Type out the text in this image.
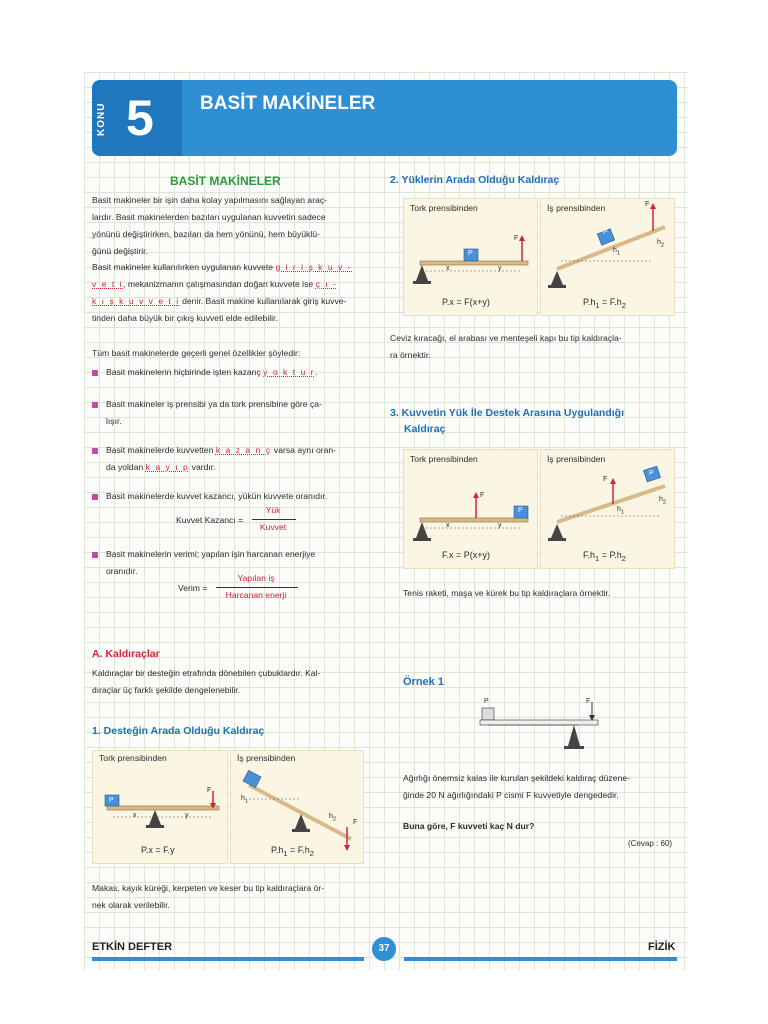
KONU 5 BASİT MAKİNELER
BASİT MAKİNELER
Basit makineler bir işin daha kolay yapılmasını sağlayan araç-
lardır. Basit makinelerden bazıları uygulanan kuvvetin sadece
yönünü değiştirirken, bazıları da hem yönünü, hem büyüklü-
ğünü değiştirir.
Basit makineler kullanılırken uygulanan kuvvete g i r i ş k u v -
v e t i, mekanizmanın çalışmasından doğan kuvvete ise ç ı -
k ı ş k u v v e t i denir. Basit makine kullanılarak giriş kuvve-
tinden daha büyük bir çıkış kuvveti elde edilebilir.
Tüm basit makinelerde geçerli genel özellikler şöyledir:
Basit makinelerin hiçbirinde işten kazanç y o k t u r.
Basit makineler iş prensibi ya da tork prensibine göre ça-
lışır.
Basit makinelerde kuvvetten k a z a n ç varsa aynı oran-
da yoldan k a y ı p vardır.
Basit makinelerde kuvvet kazancı, yükün kuvvete oranıdır.
Kuvvet Kazancı =
Yük
Kuvvet
Basit makinelerin verimi; yapılan işin harcanan enerjiye
oranıdır.
Verim =
Yapılan iş
Harcanan enerji
A. Kaldıraçlar
Kaldıraçlar bir desteğin etrafında dönebilen çubuklardır. Kal-
dıraçlar üç farklı şekilde dengelenebilir.
1. Desteğin Arada Olduğu Kaldıraç
Tork prensibinden
P
F
x	y
P.x = F.y
İş prensibinden
P
F
$h_1$
$h_2$
$P.h_1 = F.h_2$
Makas, kayık küreği, kerpeten ve keser bu tip kaldıraçlara ör-
nek olarak verilebilir.
2. Yüklerin Arada Olduğu Kaldıraç
Tork prensibinden
P
F
x	y
P.x = F(x+y)
İş prensibinden
P
F
$h_1$
$h_2$
$P.h_1 = F.h_2$
Ceviz kıracağı, el arabası ve menteşeli kapı bu tip kaldıraçla-
ra örnektir.
3. Kuvvetin Yük İle Destek Arasına Uygulandığı
Kaldıraç
Tork prensibinden
P
F
x	y
F.x = P(x+y)
İş prensibinden
P
F
$h_1$
$h_2$
$F.h_1 = P.h_2$
Tenis raketi, maşa ve kürek bu tip kaldıraçlara örnektir.
Örnek 1
P	F
Ağırlığı önemsiz kalas ile kurulan şekildeki kaldıraç düzene-
ğinde 20 N ağırlığındaki P cismi F kuvvetiyle dengededir.
Buna göre, F kuvveti kaç N dur?
(Cevap : 60)
ETKİN DEFTER	37	FİZİK
